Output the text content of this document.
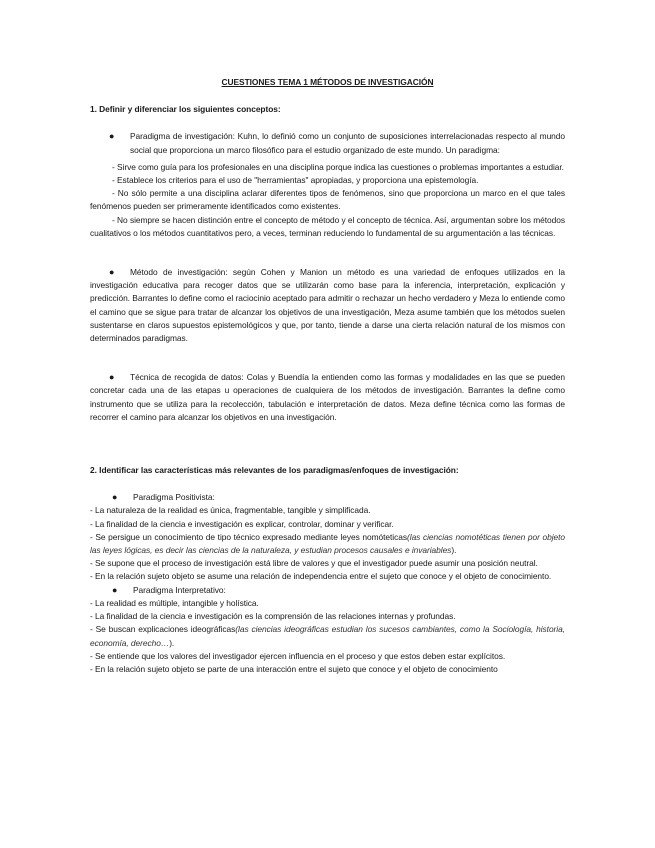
CUESTIONES TEMA 1 MÉTODOS DE INVESTIGACIÓN

1. Definir y diferenciar los siguientes conceptos:

● Paradigma de investigación: Kuhn, lo definió como un conjunto de suposiciones interrelacionadas respecto al mundo social que proporciona un marco filosófico para el estudio organizado de este mundo. Un paradigma:

- Sirve como guía para los profesionales en una disciplina porque indica las cuestiones o problemas importantes a estudiar.

- Establece los criterios para el uso de "herramientas" apropiadas, y proporciona una epistemología.

- No sólo permite a una disciplina aclarar diferentes tipos de fenómenos, sino que proporciona un marco en el que tales fenómenos pueden ser primeramente identificados como existentes.

- No siempre se hacen distinción entre el concepto de método y el concepto de técnica. Así, argumentan sobre los métodos cualitativos o los métodos cuantitativos pero, a veces, terminan reduciendo lo fundamental de su argumentación a las técnicas.

● Método de investigación: según Cohen y Manion un método es una variedad de enfoques utilizados en la investigación educativa para recoger datos que se utilizarán como base para la inferencia, interpretación, explicación y predicción. Barrantes lo define como el raciocinio aceptado para admitir o rechazar un hecho verdadero y Meza lo entiende como el camino que se sigue para tratar de alcanzar los objetivos de una investigación, Meza asume también que los métodos suelen sustentarse en claros supuestos epistemológicos y que, por tanto, tiende a darse una cierta relación natural de los mismos con determinados paradigmas.
● Técnica de recogida de datos: Colas y Buendía la entienden como las formas y modalidades en las que se pueden concretar cada una de las etapas u operaciones de cualquiera de los métodos de investigación. Barrantes la define como instrumento que se utiliza para la recolección, tabulación e interpretación de datos. Meza define técnica como las formas de recorrer el camino para alcanzar los objetivos en una investigación.

2. Identificar las características más relevantes de los paradigmas/enfoques de investigación:

● Paradigma Positivista:

- La naturaleza de la realidad es única, fragmentable, tangible y simplificada.

- La finalidad de la ciencia e investigación es explicar, controlar, dominar y verificar.

- Se persigue un conocimiento de tipo técnico expresado mediante leyes nomóteticas(las ciencias nomotéticas tienen por objeto las leyes lógicas, es decir las ciencias de la naturaleza, y estudian procesos causales e invariables).

- Se supone que el proceso de investigación está libre de valores y que el investigador puede asumir una posición neutral.

- En la relación sujeto objeto se asume una relación de independencia entre el sujeto que conoce y el objeto de conocimiento.

● Paradigma Interpretativo:

- La realidad es múltiple, intangible y holística.

- La finalidad de la ciencia e investigación es la comprensión de las relaciones internas y profundas.

- Se buscan explicaciones ideográficas(las ciencias ideográficas estudian los sucesos cambiantes, como la Sociología, historia, economía, derecho…).

- Se entiende que los valores del investigador ejercen influencia en el proceso y que estos deben estar explícitos.

- En la relación sujeto objeto se parte de una interacción entre el sujeto que conoce y el objeto de conocimiento
